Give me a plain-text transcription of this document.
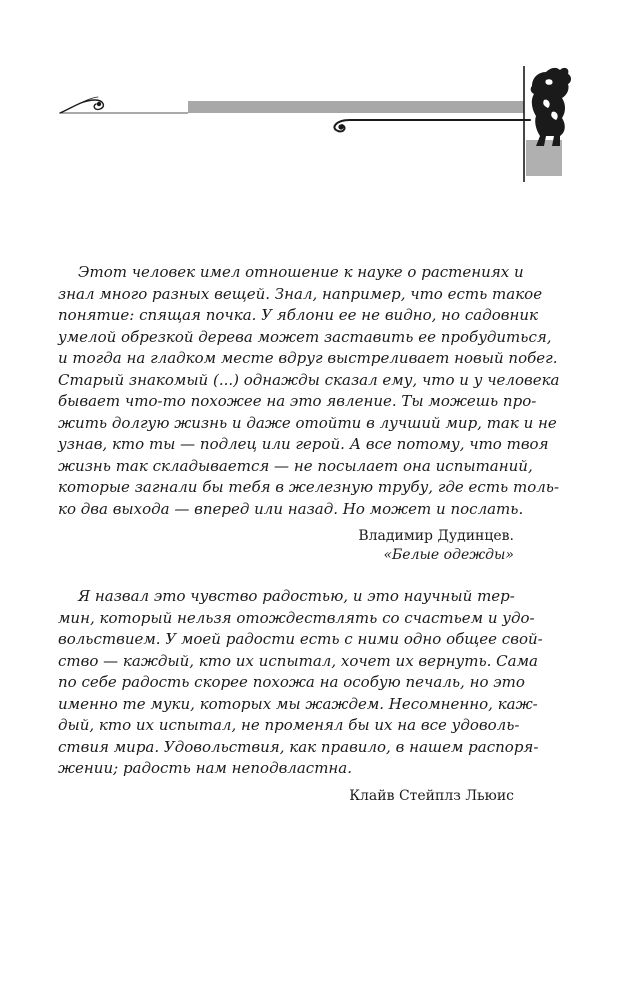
Этот человек имел отношение к науке о растениях и
знал много разных вещей. Знал, например, что есть такое
понятие: спящая почка. У яблони ее не видно, но садовник
умелой обрезкой дерева может заставить ее пробудиться,
и тогда на гладком месте вдруг выстреливает новый побег.
Старый знакомый (...) однажды сказал ему, что и у человека
бывает что-то похожее на это явление. Ты можешь про-
жить долгую жизнь и даже отойти в лучший мир, так и не
узнав, кто ты — подлец или герой. А все потому, что твоя
жизнь так складывается — не посылает она испытаний,
которые загнали бы тебя в железную трубу, где есть толь-
ко два выхода — вперед или назад. Но может и послать.
Владимир Дудинцев.
«Белые одежды»
Я назвал это чувство радостью, и это научный тер-
мин, который нельзя отождествлять со счастьем и удо-
вольствием. У моей радости есть с ними одно общее свой-
ство — каждый, кто их испытал, хочет их вернуть. Сама
по себе радость скорее похожа на особую печаль, но это
именно те муки, которых мы жаждем. Несомненно, каж-
дый, кто их испытал, не променял бы их на все удоволь-
ствия мира. Удовольствия, как правило, в нашем распоря-
жении; радость нам неподвластна.
Клайв Стейплз Льюис
